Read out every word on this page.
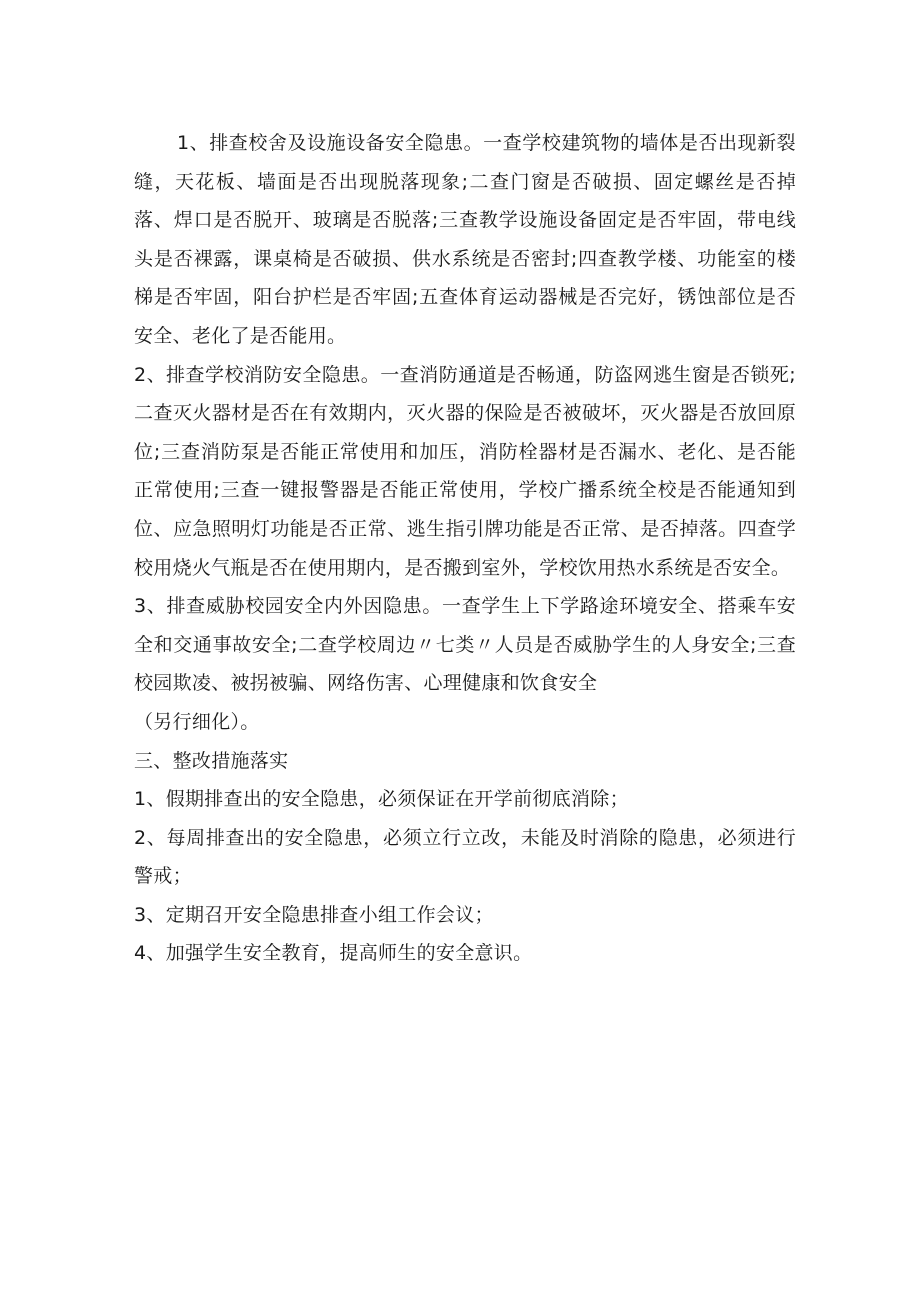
1、排查校舍及设施设备安全隐患。一查学校建筑物的墙体是否出现新裂缝，天花板、墙面是否出现脱落现象;二查门窗是否破损、固定螺丝是否掉落、焊口是否脱开、玻璃是否脱落;三查教学设施设备固定是否牢固，带电线头是否裸露，课桌椅是否破损、供水系统是否密封;四查教学楼、功能室的楼梯是否牢固，阳台护栏是否牢固;五查体育运动器械是否完好，锈蚀部位是否安全、老化了是否能用。

2、排查学校消防安全隐患。一查消防通道是否畅通，防盗网逃生窗是否锁死;二查灭火器材是否在有效期内，灭火器的保险是否被破坏，灭火器是否放回原位;三查消防泵是否能正常使用和加压，消防栓器材是否漏水、老化、是否能正常使用;三查一键报警器是否能正常使用，学校广播系统全校是否能通知到位、应急照明灯功能是否正常、逃生指引牌功能是否正常、是否掉落。四查学校用烧火气瓶是否在使用期内，是否搬到室外，学校饮用热水系统是否安全。

3、排查威胁校园安全内外因隐患。一查学生上下学路途环境安全、搭乘车安全和交通事故安全;二查学校周边〃七类〃人员是否威胁学生的人身安全;三查校园欺凌、被拐被骗、网络伤害、心理健康和饮食安全

（另行细化）。

三、整改措施落实

1、假期排查出的安全隐患，必须保证在开学前彻底消除；

2、每周排查出的安全隐患，必须立行立改，未能及时消除的隐患，必须进行警戒；

3、定期召开安全隐患排查小组工作会议；

4、加强学生安全教育，提高师生的安全意识。
